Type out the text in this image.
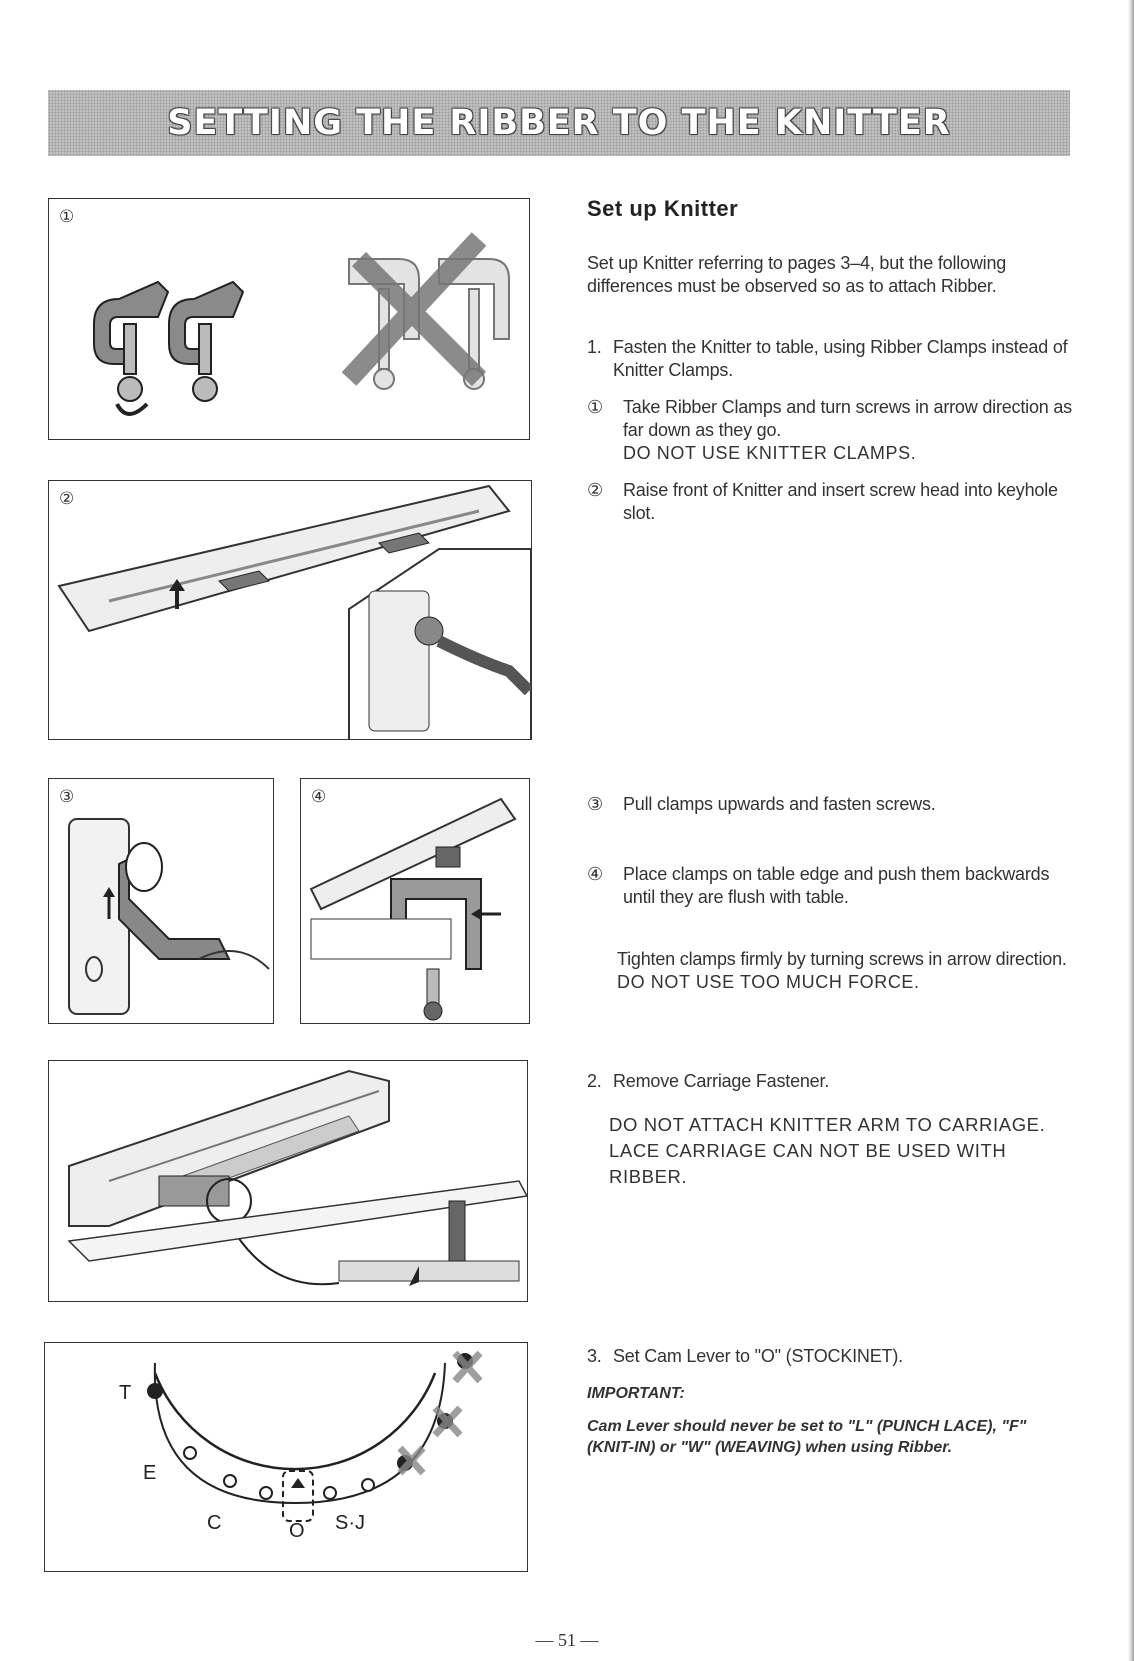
SETTING THE RIBBER TO THE KNITTER
①
②
③	④
T
E
C	O S·J
Set up Knitter
Set up Knitter referring to pages 3–4, but the following differences must be observed so as to attach Ribber.
1. Fasten the Knitter to table, using Ribber Clamps instead of Knitter Clamps.
①	Take Ribber Clamps and turn screws in arrow direction as far down as they go.
DO NOT USE KNITTER CLAMPS.
②	Raise front of Knitter and insert screw head into keyhole slot.
③	Pull clamps upwards and fasten screws.
④	Place clamps on table edge and push them backwards until they are flush with table.
Tighten clamps firmly by turning screws in arrow direction.
DO NOT USE TOO MUCH FORCE.
2. Remove Carriage Fastener.
DO NOT ATTACH KNITTER ARM TO CARRIAGE.
LACE CARRIAGE CAN NOT BE USED WITH RIBBER.
3. Set Cam Lever to "O" (STOCKINET).
IMPORTANT:
Cam Lever should never be set to "L" (PUNCH LACE), "F" (KNIT-IN) or "W" (WEAVING) when using Ribber.
— 51 —
